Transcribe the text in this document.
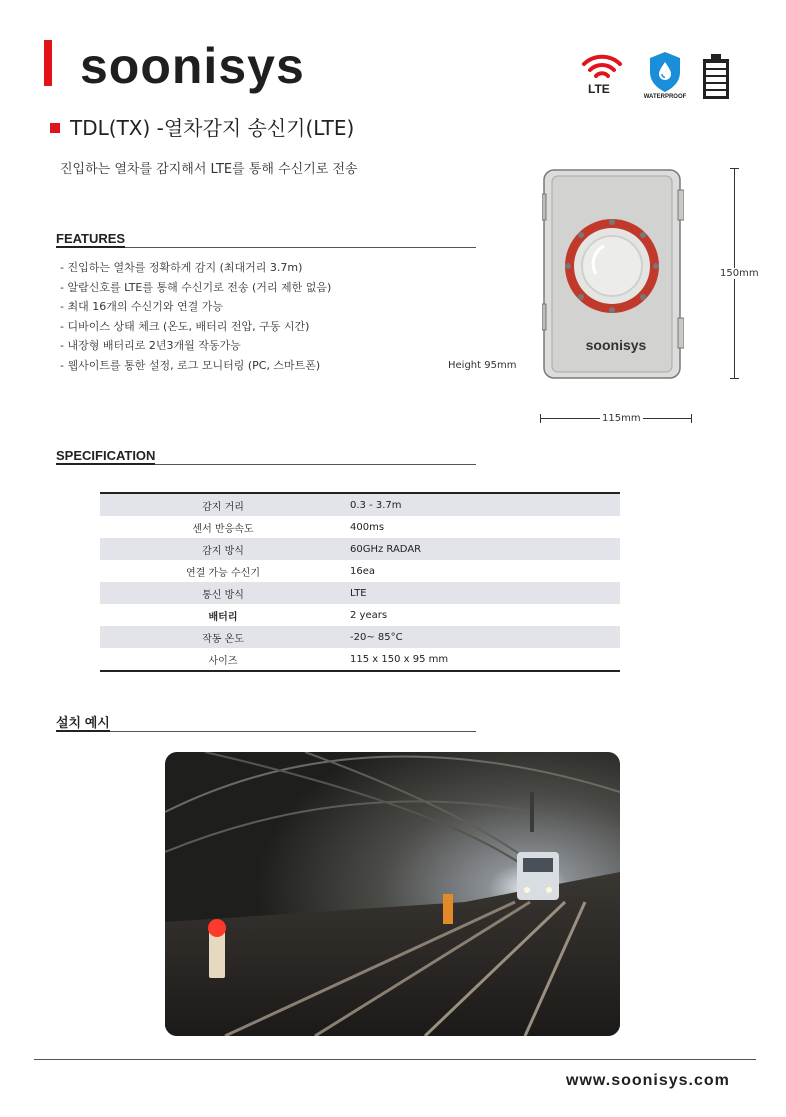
soonisys	LTE
WATERPROOF
TDL(TX) -열차감지 송신기(LTE)
진입하는 열차를 감지해서 LTE를 통해 수신기로 전송
FEATURES
- 진입하는 열차를 정확하게 감지 (최대거리 3.7m)
- 알람신호를 LTE를 통해 수신기로 전송 (거리 제한 없음)
- 최대 16개의 수신기와 연결 가능
- 디바이스 상태 체크 (온도, 배터리 전압, 구동 시간)
- 내장형 배터리로 2년3개월 작동가능
- 웹사이트를 통한 설정, 로그 모니터링 (PC, 스마트폰)
soonisys
150mm
115mm
Height 95mm
SPECIFICATION
감지 거리	0.3 - 3.7m
센서 반응속도	400ms
감지 방식	60GHz RADAR
연결 가능 수신기	16ea
통신 방식	LTE
배터리	2 years
작동 온도	-20~ 85°C
사이즈	115 x 150 x 95 mm
설치 예시
www.soonisys.com
